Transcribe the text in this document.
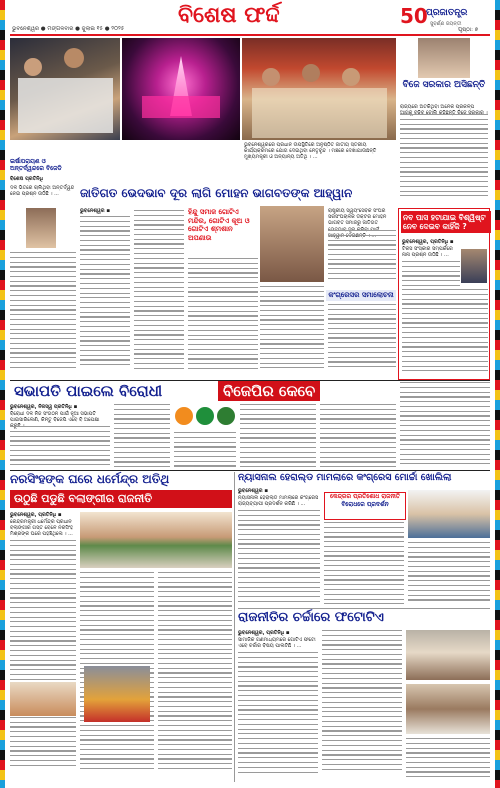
ଭୁବନେଶ୍ୱର ● ମଙ୍ଗଳବାର ● ଜୁଲାଇ ୧୫ ● ୨୦୨୫
ବିଶେଷ ଫର୍ଦ୍ଦ	50
ପ୍ରଜାତନ୍ତ୍ର
ସୁବର୍ଣ୍ଣ ଜୟନ୍ତୀ
ପୃଷ୍ଠା: ୭
ବିଜେ ସରକାର ଅସିଛନ୍ତି
ରାଜ୍ୟରେ ଅଟକିଥିବା ଅନେକ ପ୍ରକଳ୍ପ
ଭୁବନେଶ୍ୱରରେ ପ୍ରଧାନ ଉପସ୍ଥିତିରେ ଅନୁଷ୍ଠିତ ଜାତୀୟ ସ୍ତରୀୟ କାର୍ଯ୍ୟକ୍ରମରେ ଯୋଗ ଦେଇଥିବା ନେତୃବୃନ୍ଦ । ମଞ୍ଚରେ ଦେଖାଯାଉଛନ୍ତି ମୁଖ୍ୟମନ୍ତ୍ରୀ ଓ ଅନ୍ୟାନ୍ୟ ଅତିଥି । ...
ଇର୍ଷାପରାୟଣ ଓ ଅନ୍ତର୍ଦ୍ୱନ୍ଦରେ ବିଜେଡି
ବିଶେଷ ପ୍ରତିନିଧି
ଦଳ ଭିତରେ ଚାଲିଥିବା ଅନ୍ତର୍ଦ୍ୱନ୍ଦ ନେଇ ପ୍ରଶ୍ନ ଉଠିଛି । ...	ଜାତିଗତ ଭେଦଭାବ ଦୂର ଲାଗି ମୋହନ ଭାଗବତଙ୍କ ଆହ୍ୱାନ
ଭୁବନେଶ୍ୱର ◾	ହିନ୍ଦୁ ସମାଜ ଗୋଟିଏ ମନ୍ଦିର, ଗୋଟିଏ କୂଅ ଓ ଗୋଟିଏ ଶ୍ମଶାନ ଅପଣାଉ
ରାଷ୍ଟ୍ରୀୟ ସ୍ୱୟଂସେବକ ସଂଘର ସରସଂଘଚାଳକ ଡକ୍ଟର ମୋହନ ଭାଗବତ ସମାଜରୁ ଜାତିଗତ
କଂଗ୍ରେସର ସମାଲୋଚନା
ନବ ପାସ ହଟାଯାଇ ବିଶ୍ୱିଷ୍ଟ ନେବ ଦେଇବ କାହିଁକି ?
ଭୁବନେଶ୍ୱର, ପ୍ରତିନିଧି ◾
ଟିକସ ସଂସ୍କାର ସମ୍ପର୍କରେ ନାନା ପ୍ରଶ୍ନ ଉଠିଛି । ...
ସଭାପତି ପାଇଲେ ବିରୋଧୀ	ବିଜେପିର କେବେ
ଭୁବନେଶ୍ୱର, ନିଜସ୍ୱ ପ୍ରତିନିଧି ◾
ବିରୋଧୀ ଦଳ ନିଜ ସଂଗଠନ ପାଇଁ ନୂଆ ସଭାପତି ପାଇସାରିଲେଣି, କିନ୍ତୁ ବିଜେପି ଏବେ ବି ଅପେକ୍ଷା
ନରସିଂହଙ୍କ ଘରେ ଧର୍ମେନ୍ଦ୍ର ଅତିଥି
ଉଠୁଛି ପଡୁଛି ବଲାଙ୍ଗୀର ରାଜନୀତି
ଭୁବନେଶ୍ୱର, ପ୍ରତିନିଧି ◾
କେନ୍ଦ୍ରମନ୍ତ୍ରୀ ଧର୍ମେନ୍ଦ୍ର ପ୍ରଧାନ ବଲାଙ୍ଗୀର ଗସ୍ତ ବେଳେ ନରସିଂହ ମିଶ୍ରଙ୍କ ଘରେ ପହଞ୍ଚିଥିଲେ । ...
ନ୍ୟାସନାଲ ହେରାଲ୍ଡ ମାମଲାରେ କଂଗ୍ରେସ ମୋର୍ଚ୍ଚା ଖୋଲିଲା
ଭୁବନେଶ୍ୱର ◾
ନ୍ୟାସନାଲ ହେରାଲ୍ଡ ମାମଲାରେ କଂଗ୍ରେସ ରାଜ୍ୟବ୍ୟାପୀ ପ୍ରଦର୍ଶନ କରିଛି । ...
କେନ୍ଦ୍ରର ପ୍ରତିଶୋଧ ରାଜନୀତି
ବିରୋଧରେ ପ୍ରଦର୍ଶନ
ରାଜନୀତିର ଚର୍ଚ୍ଚାରେ ଫଟୋଟିଏ
ଭୁବନେଶ୍ୱର, ପ୍ରତିନିଧି ◾
ସାମାଜିକ ଗଣମାଧ୍ୟମରେ ଗୋଟିଏ ଫଟୋ ଏବେ ଚର୍ଚ୍ଚାର ବିଷୟ ପାଲଟିଛି । ...
